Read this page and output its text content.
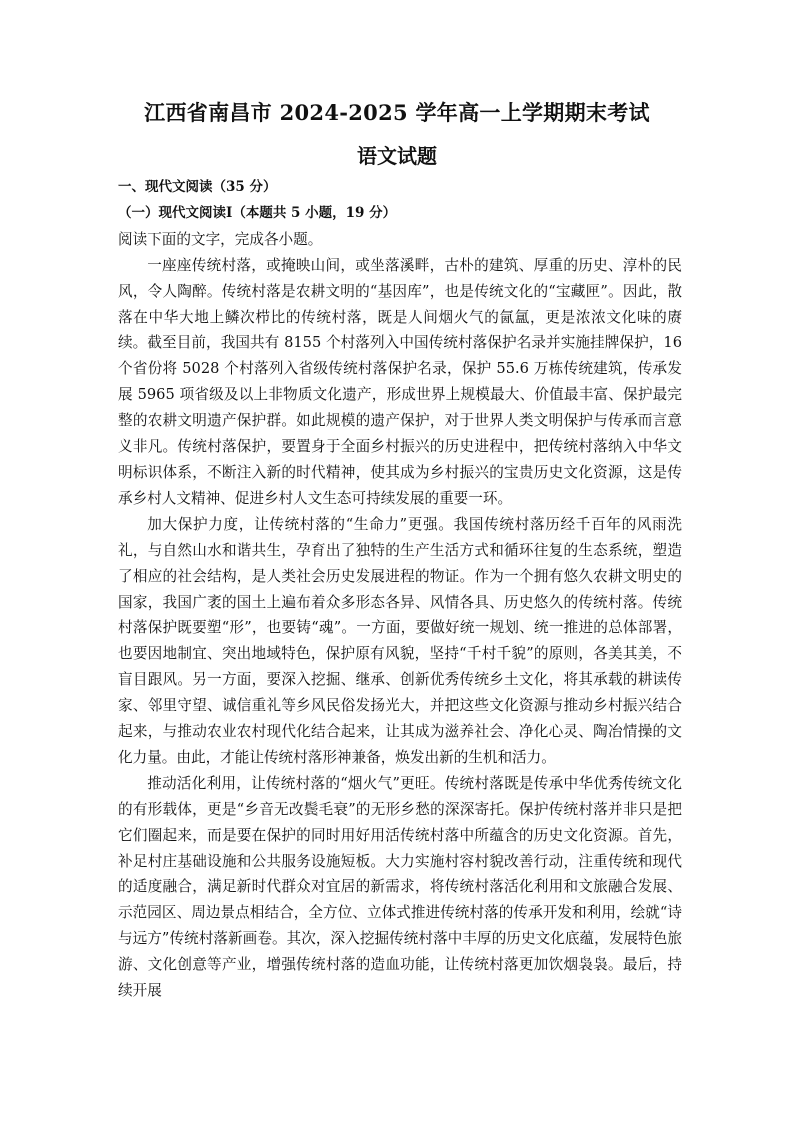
江西省南昌市 2024-2025 学年高一上学期期末考试
语文试题

一、现代文阅读（35 分）

（一）现代文阅读Ⅰ（本题共 5 小题，19 分）

阅读下面的文字，完成各小题。

一座座传统村落，或掩映山间，或坐落溪畔，古朴的建筑、厚重的历史、淳朴的民风，令人陶醉。传统村落是农耕文明的“基因库”，也是传统文化的“宝藏匣”。因此，散落在中华大地上鳞次栉比的传统村落，既是人间烟火气的氤氲，更是浓浓文化味的赓续。截至目前，我国共有 8155 个村落列入中国传统村落保护名录并实施挂牌保护，16 个省份将 5028 个村落列入省级传统村落保护名录，保护 55.6 万栋传统建筑，传承发展 5965 项省级及以上非物质文化遗产，形成世界上规模最大、价值最丰富、保护最完整的农耕文明遗产保护群。如此规模的遗产保护，对于世界人类文明保护与传承而言意义非凡。传统村落保护，要置身于全面乡村振兴的历史进程中，把传统村落纳入中华文明标识体系，不断注入新的时代精神，使其成为乡村振兴的宝贵历史文化资源，这是传承乡村人文精神、促进乡村人文生态可持续发展的重要一环。

加大保护力度，让传统村落的“生命力”更强。我国传统村落历经千百年的风雨洗礼，与自然山水和谐共生，孕育出了独特的生产生活方式和循环往复的生态系统，塑造了相应的社会结构，是人类社会历史发展进程的物证。作为一个拥有悠久农耕文明史的国家，我国广袤的国土上遍布着众多形态各异、风情各具、历史悠久的传统村落。传统村落保护既要塑“形”，也要铸“魂”。一方面，要做好统一规划、统一推进的总体部署，也要因地制宜、突出地域特色，保护原有风貌，坚持“千村千貌”的原则，各美其美，不盲目跟风。另一方面，要深入挖掘、继承、创新优秀传统乡土文化，将其承载的耕读传家、邻里守望、诚信重礼等乡风民俗发扬光大，并把这些文化资源与推动乡村振兴结合起来，与推动农业农村现代化结合起来，让其成为滋养社会、净化心灵、陶冶情操的文化力量。由此，才能让传统村落形神兼备，焕发出新的生机和活力。

推动活化利用，让传统村落的“烟火气”更旺。传统村落既是传承中华优秀传统文化的有形载体，更是“乡音无改鬓毛衰”的无形乡愁的深深寄托。保护传统村落并非只是把它们圈起来，而是要在保护的同时用好用活传统村落中所蕴含的历史文化资源。首先，补足村庄基础设施和公共服务设施短板。大力实施村容村貌改善行动，注重传统和现代的适度融合，满足新时代群众对宜居的新需求，将传统村落活化利用和文旅融合发展、示范园区、周边景点相结合，全方位、立体式推进传统村落的传承开发和利用，绘就“诗与远方”传统村落新画卷。其次，深入挖掘传统村落中丰厚的历史文化底蕴，发展特色旅游、文化创意等产业，增强传统村落的造血功能，让传统村落更加饮烟袅袅。最后，持续开展
